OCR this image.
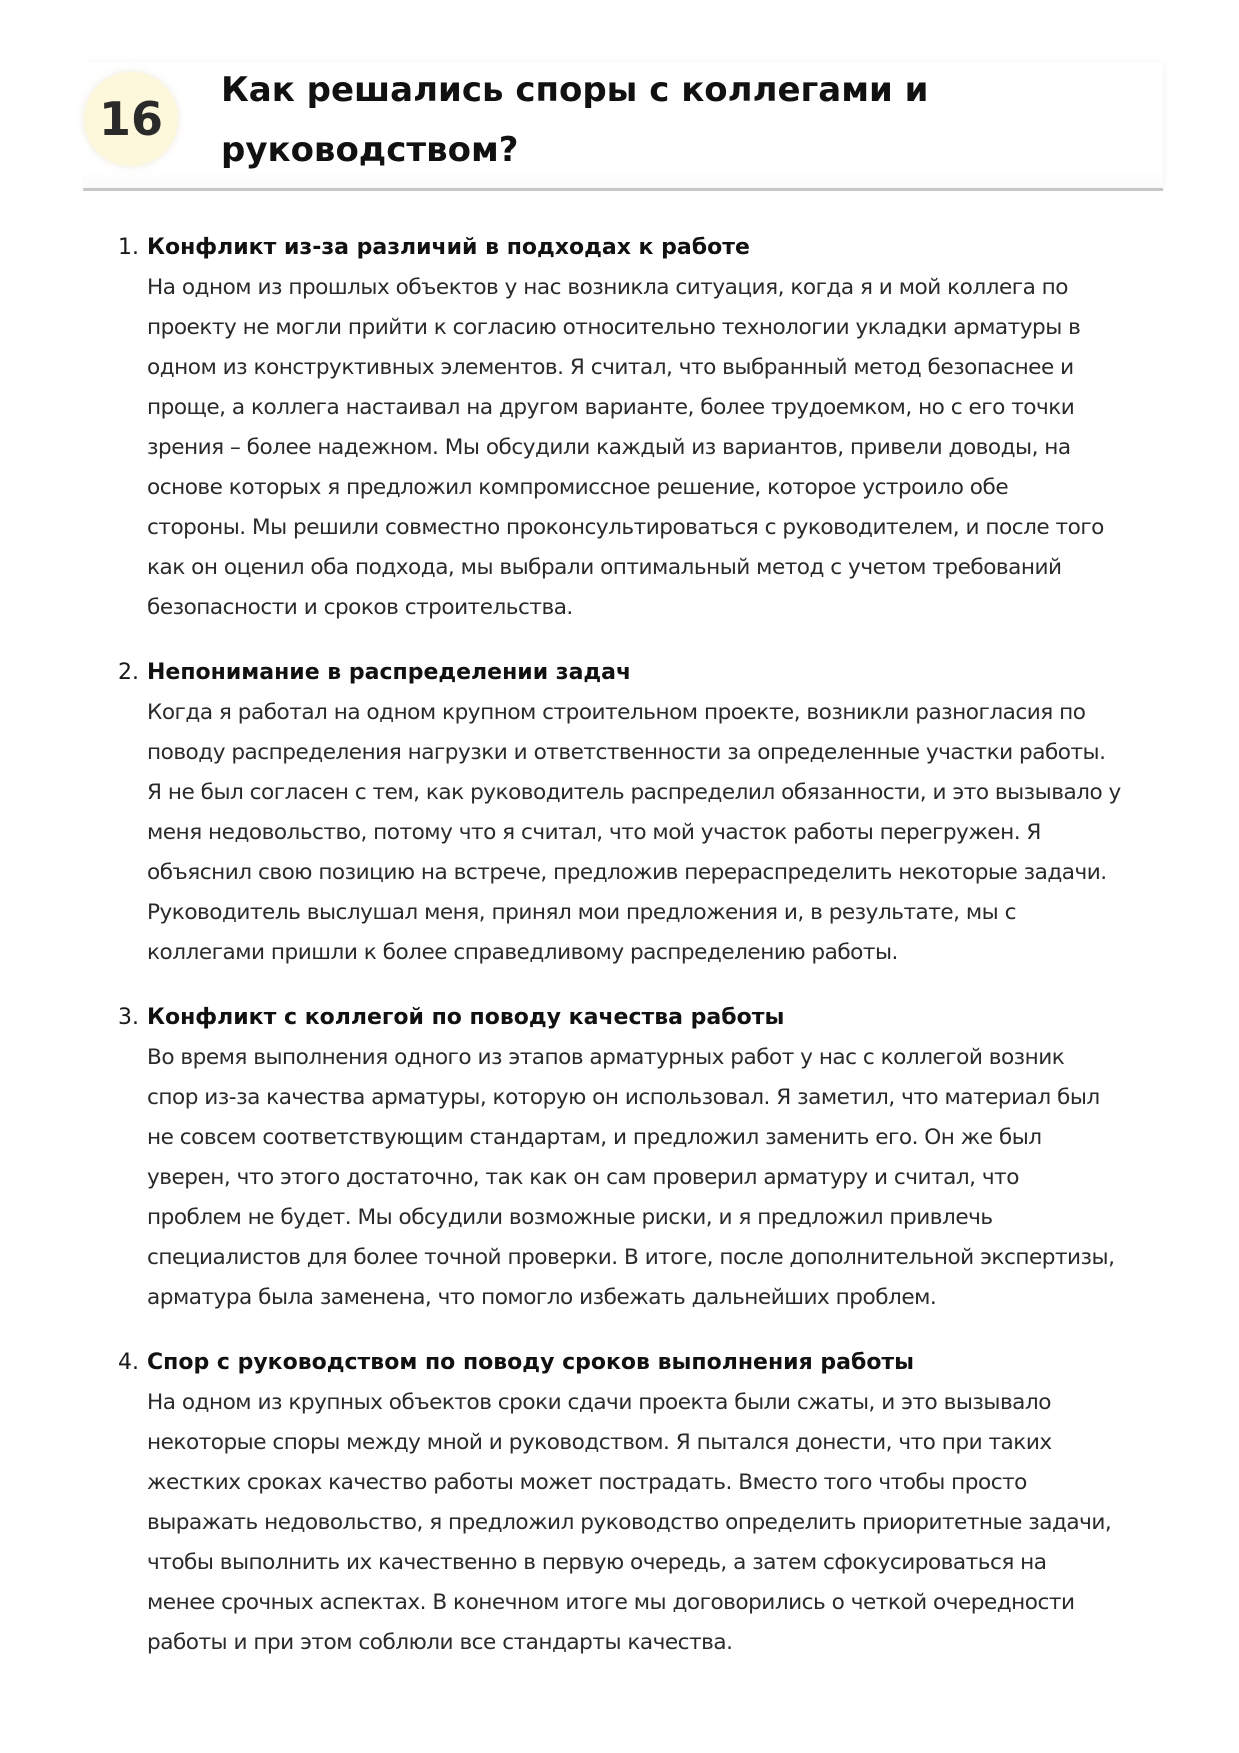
16
Как решались споры с коллегами и
руководством?
1. Конфликт из-за различий в подходах к работе
На одном из прошлых объектов у нас возникла ситуация, когда я и мой коллега по
проекту не могли прийти к согласию относительно технологии укладки арматуры в
одном из конструктивных элементов. Я считал, что выбранный метод безопаснее и
проще, а коллега настаивал на другом варианте, более трудоемком, но с его точки
зрения – более надежном. Мы обсудили каждый из вариантов, привели доводы, на
основе которых я предложил компромиссное решение, которое устроило обе
стороны. Мы решили совместно проконсультироваться с руководителем, и после того
как он оценил оба подхода, мы выбрали оптимальный метод с учетом требований
безопасности и сроков строительства.
2. Непонимание в распределении задач
Когда я работал на одном крупном строительном проекте, возникли разногласия по
поводу распределения нагрузки и ответственности за определенные участки работы.
Я не был согласен с тем, как руководитель распределил обязанности, и это вызывало у
меня недовольство, потому что я считал, что мой участок работы перегружен. Я
объяснил свою позицию на встрече, предложив перераспределить некоторые задачи.
Руководитель выслушал меня, принял мои предложения и, в результате, мы с
коллегами пришли к более справедливому распределению работы.
3. Конфликт с коллегой по поводу качества работы
Во время выполнения одного из этапов арматурных работ у нас с коллегой возник
спор из-за качества арматуры, которую он использовал. Я заметил, что материал был
не совсем соответствующим стандартам, и предложил заменить его. Он же был
уверен, что этого достаточно, так как он сам проверил арматуру и считал, что
проблем не будет. Мы обсудили возможные риски, и я предложил привлечь
специалистов для более точной проверки. В итоге, после дополнительной экспертизы,
арматура была заменена, что помогло избежать дальнейших проблем.
4. Спор с руководством по поводу сроков выполнения работы
На одном из крупных объектов сроки сдачи проекта были сжаты, и это вызывало
некоторые споры между мной и руководством. Я пытался донести, что при таких
жестких сроках качество работы может пострадать. Вместо того чтобы просто
выражать недовольство, я предложил руководство определить приоритетные задачи,
чтобы выполнить их качественно в первую очередь, а затем сфокусироваться на
менее срочных аспектах. В конечном итоге мы договорились о четкой очередности
работы и при этом соблюли все стандарты качества.
